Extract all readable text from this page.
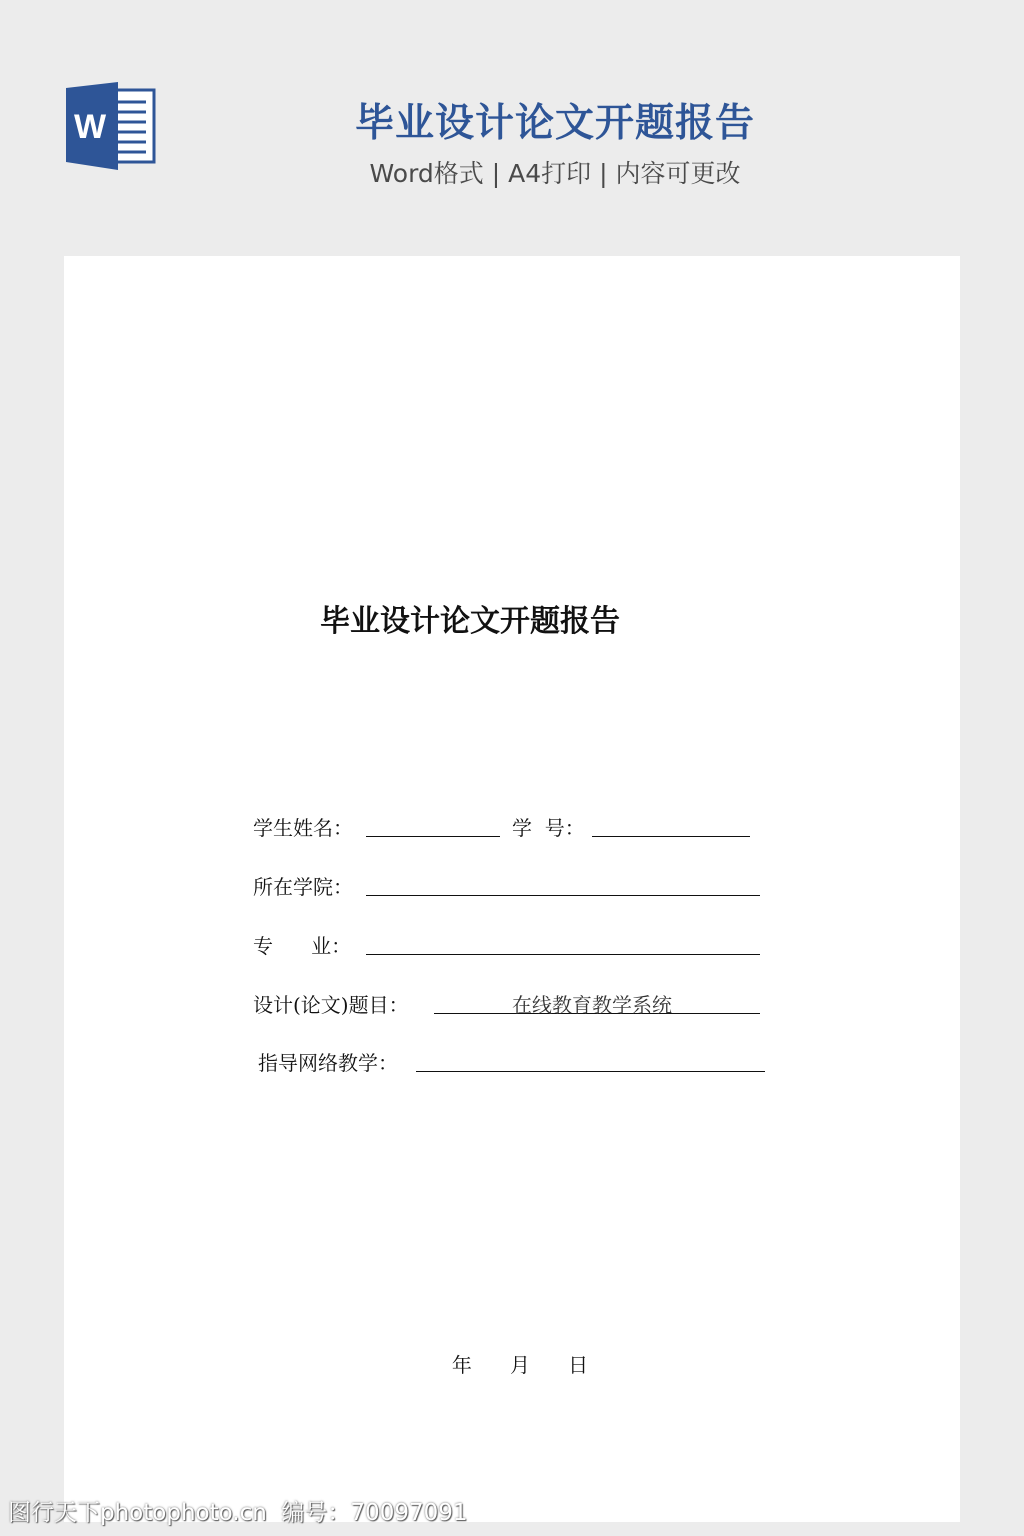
W	毕业设计论文开题报告
Word格式 | A4打印 | 内容可更改
毕业设计论文开题报告
学生姓名：	学  号：
所在学院：
专      业：
设计(论文)题目：	在线教育教学系统
指导网络教学：
年      月      日
图行天下photophoto.cn  编号：70097091
